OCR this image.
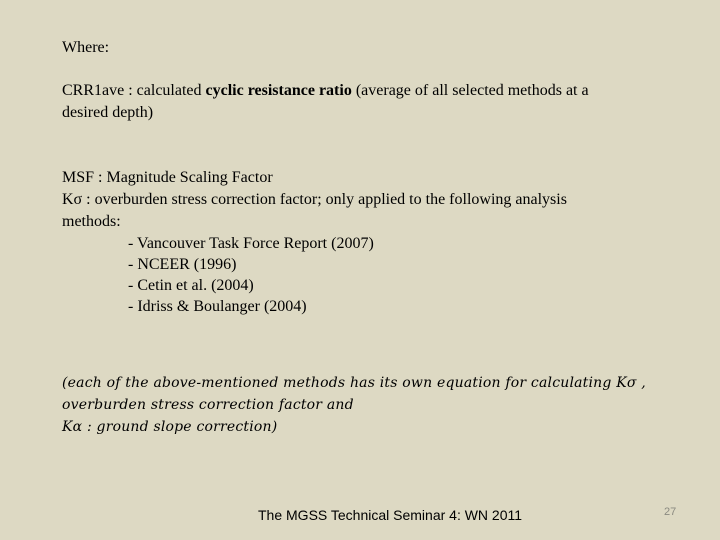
Where:
CRR1ave : calculated cyclic resistance ratio (average of all selected methods at a
desired depth)
MSF : Magnitude Scaling Factor
Kσ : overburden stress correction factor; only applied to the following analysis
methods:
- Vancouver Task Force Report (2007)
- NCEER (1996)
- Cetin et al. (2004)
- Idriss & Boulanger (2004)
(each of the above-mentioned methods has its own equation for calculating Kσ ,
overburden stress correction factor and
Kα : ground slope correction)
The MGSS Technical Seminar 4: WN 2011	27
